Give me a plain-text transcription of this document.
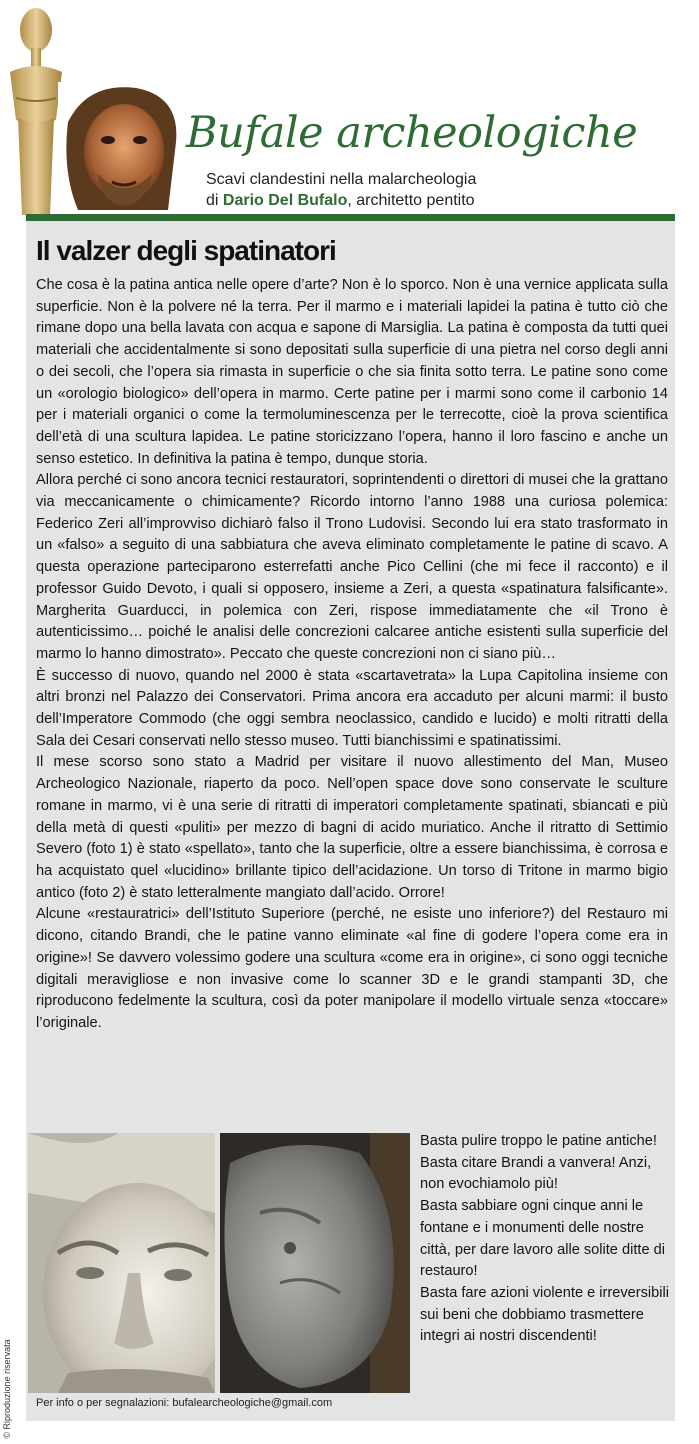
Bufale archeologiche
Scavi clandestini nella malarcheologia
di Dario Del Bufalo, architetto pentito
Il valzer degli spatinatori

Che cosa è la patina antica nelle opere d’arte? Non è lo sporco. Non è una vernice applicata sulla superficie. Non è la polvere né la terra. Per il marmo e i materiali lapidei la patina è tutto ciò che rimane dopo una bella lavata con acqua e sapone di Marsiglia. La patina è composta da tutti quei materiali che accidentalmente si sono depositati sulla superficie di una pietra nel corso degli anni o dei secoli, che l’opera sia rimasta in superficie o che sia finita sotto terra. Le patine sono come un «orologio biologico» dell’opera in marmo. Certe patine per i marmi sono come il carbonio 14 per i materiali organici o come la termoluminescenza per le terrecotte, cioè la prova scientifica dell’età di una scultura lapidea. Le patine storicizzano l’opera, hanno il loro fascino e anche un senso estetico. In definitiva la patina è tempo, dunque storia.

Allora perché ci sono ancora tecnici restauratori, soprintendenti o direttori di musei che la grattano via meccanicamente o chimicamente? Ricordo intorno l’anno 1988 una curiosa polemica: Federico Zeri all’improvviso dichiarò falso il Trono Ludovisi. Secondo lui era stato trasformato in un «falso» a seguito di una sabbiatura che aveva eliminato completamente le patine di scavo. A questa operazione parteciparono esterrefatti anche Pico Cellini (che mi fece il racconto) e il professor Guido Devoto, i quali si opposero, insieme a Zeri, a questa «spatinatura falsificante». Margherita Guarducci, in polemica con Zeri, rispose immediatamente che «il Trono è autenticissimo… poiché le analisi delle concrezioni calcaree antiche esistenti sulla superficie del marmo lo hanno dimostrato». Peccato che queste concrezioni non ci siano più…

È successo di nuovo, quando nel 2000 è stata «scartavetrata» la Lupa Capitolina insieme con altri bronzi nel Palazzo dei Conservatori. Prima ancora era accaduto per alcuni marmi: il busto dell’Imperatore Commodo (che oggi sembra neoclassico, candido e lucido) e molti ritratti della Sala dei Cesari conservati nello stesso museo. Tutti bianchissimi e spatinatissimi.

Il mese scorso sono stato a Madrid per visitare il nuovo allestimento del Man, Museo Archeologico Nazionale, riaperto da poco. Nell’open space dove sono conservate le sculture romane in marmo, vi è una serie di ritratti di imperatori completamente spatinati, sbiancati e più della metà di questi «puliti» per mezzo di bagni di acido muriatico. Anche il ritratto di Settimio Severo (foto 1) è stato «spellato», tanto che la superficie, oltre a essere bianchissima, è corrosa e ha acquistato quel «lucidino» brillante tipico dell’acidazione. Un torso di Tritone in marmo bigio antico (foto 2) è stato letteralmente mangiato dall’acido. Orrore!

Alcune «restauratrici» dell’Istituto Superiore (perché, ne esiste uno inferiore?) del Restauro mi dicono, citando Brandi, che le patine vanno eliminate «al fine di godere l’opera come era in origine»! Se davvero volessimo godere una scultura «come era in origine», ci sono oggi tecniche digitali meravigliose e non invasive come lo scanner 3D e le grandi stampanti 3D, che riproducono fedelmente la scultura, così da poter manipolare il modello virtuale senza «toccare» l’originale.

Basta pulire troppo le patine antiche!

Basta citare Brandi a vanvera! Anzi, non evochiamolo più!

Basta sabbiare ogni cinque anni le fontane e i monumenti delle nostre città, per dare lavoro alle solite ditte di restauro!

Basta fare azioni violente e irreversibili sui beni che dobbiamo trasmettere integri ai nostri discendenti!

Per info o per segnalazioni: bufalearcheologiche@gmail.com
© Riproduzione riservata
